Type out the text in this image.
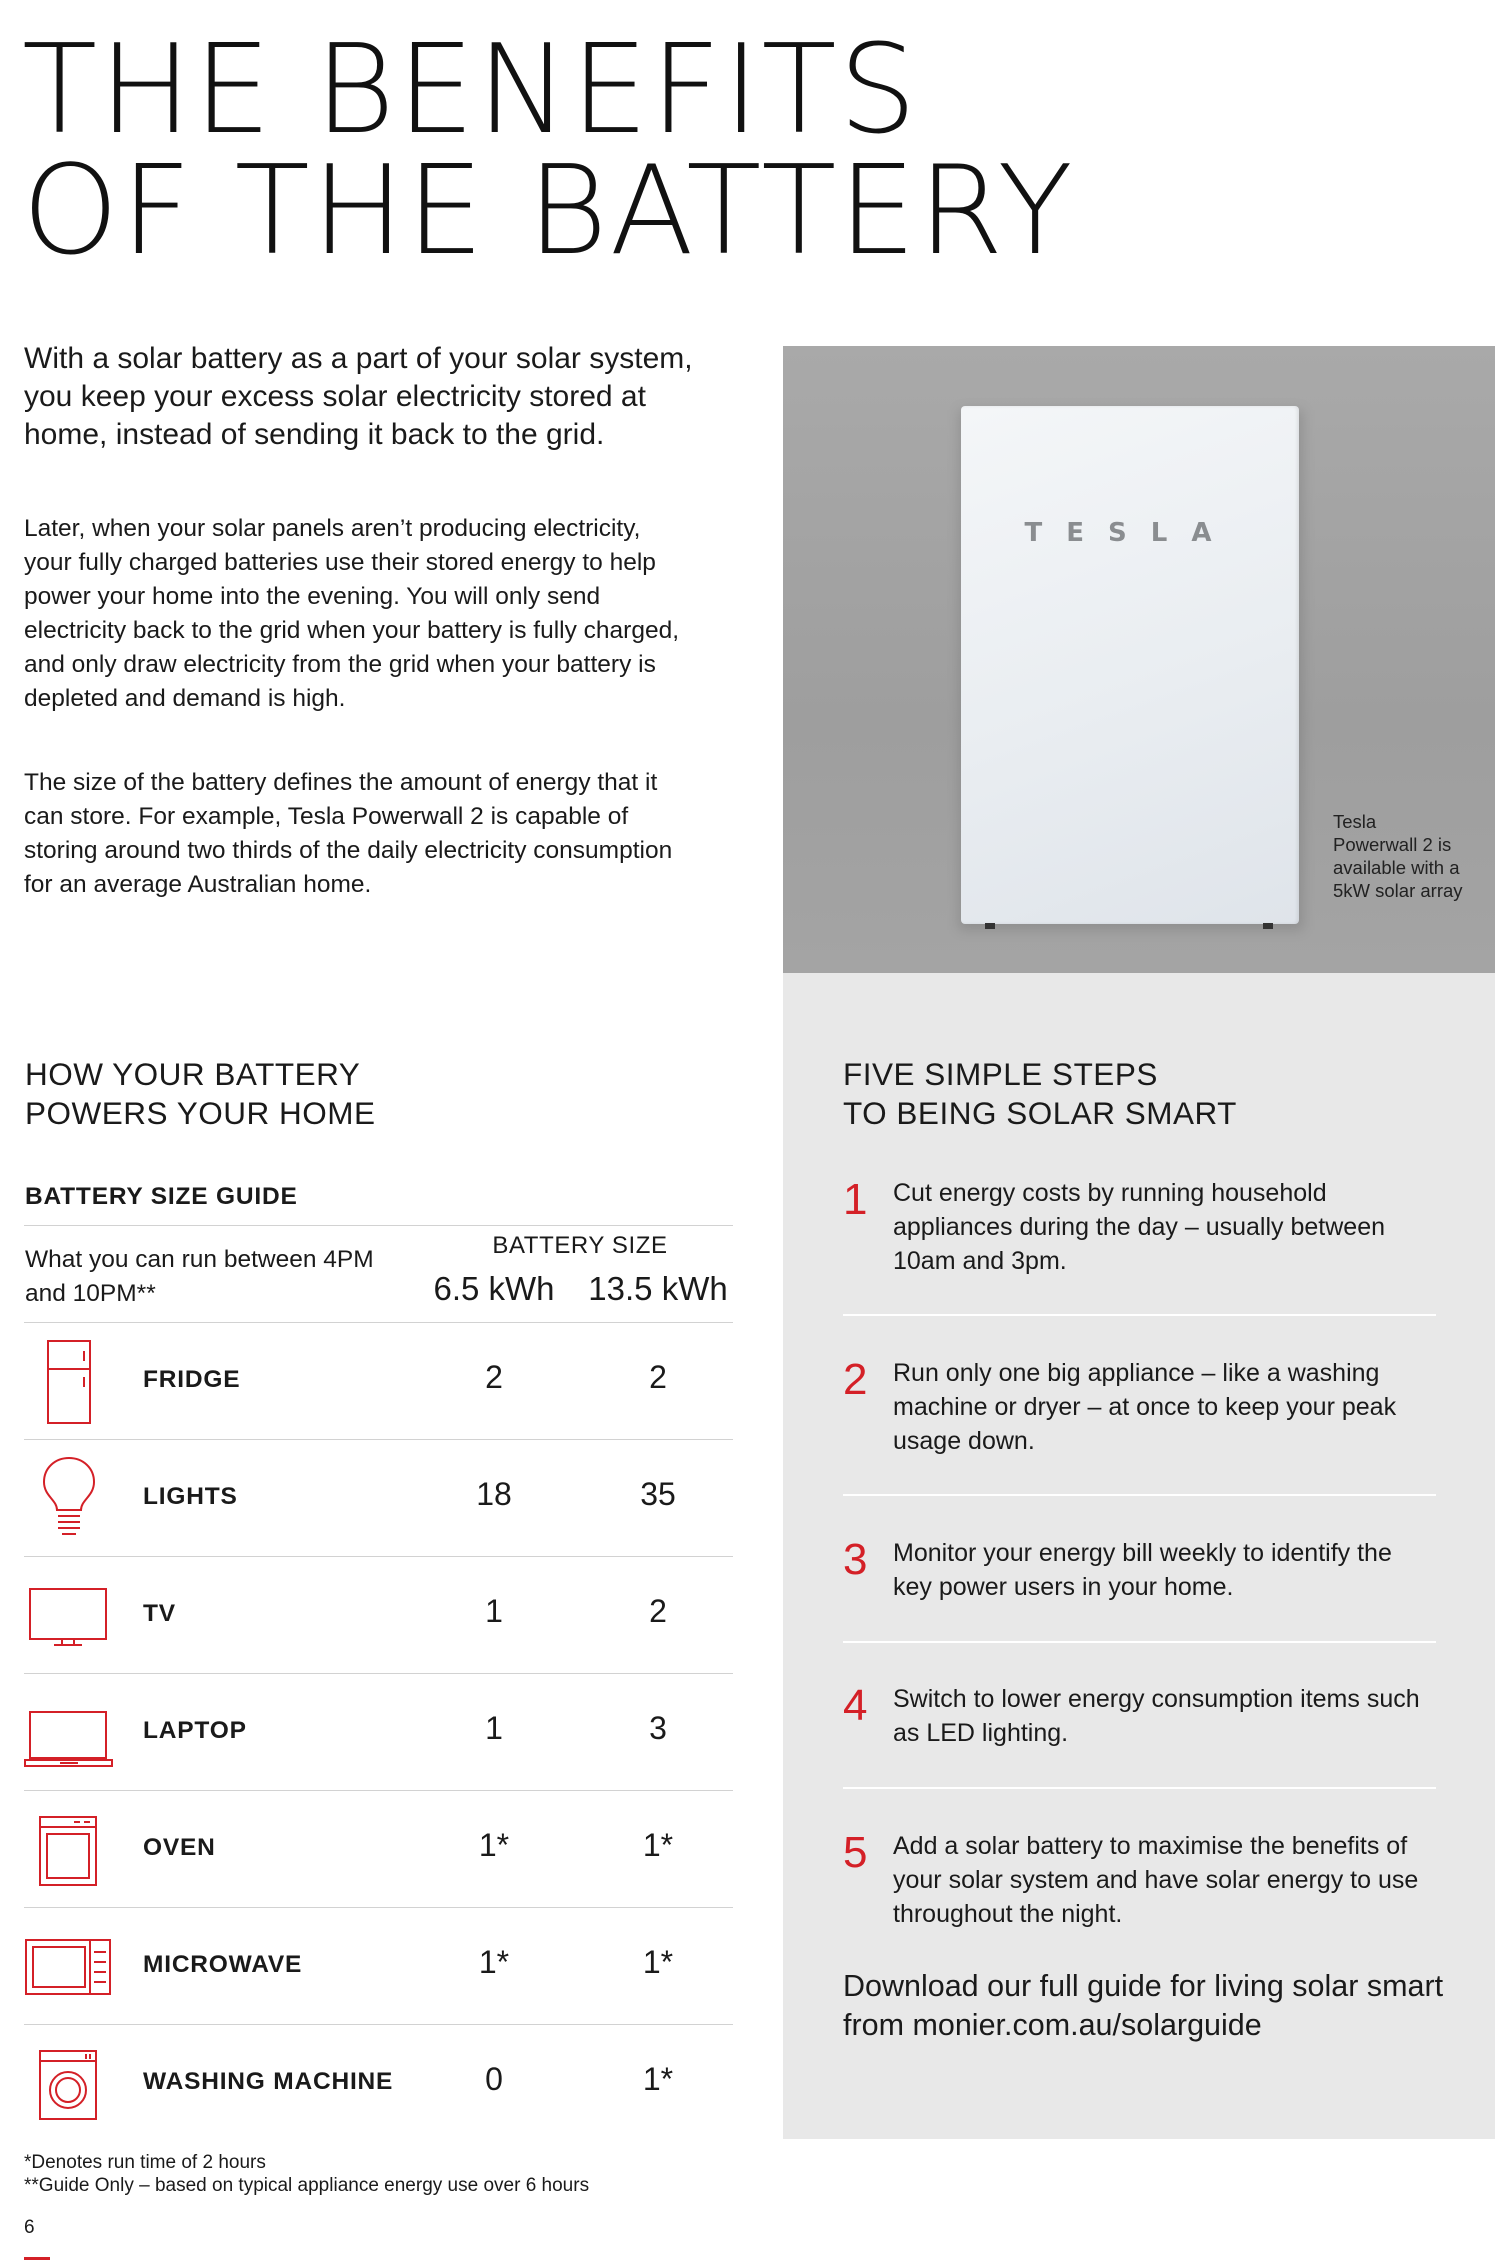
THE BENEFITS
OF THE BATTERY

With a solar battery as a part of your solar system, you keep your excess solar electricity stored at home, instead of sending it back to the grid.

Later, when your solar panels aren’t producing electricity, your fully charged batteries use their stored energy to help power your home into the evening. You will only send electricity back to the grid when your battery is fully charged, and only draw electricity from the grid when your battery is depleted and demand is high.

The size of the battery defines the amount of energy that it can store. For example, Tesla Powerwall 2 is capable of storing around two thirds of the daily electricity consumption for an average Australian home.

TESLA

Tesla Powerwall 2 is available with a 5kW solar array

HOW YOUR BATTERY
POWERS YOUR HOME
FIVE SIMPLE STEPS
TO BEING SOLAR SMART

BATTERY SIZE GUIDE

What you can run between 4PM and 10PM**

BATTERY SIZE

6.5 kWh	13.5 kWh

FRIDGE	2	2

LIGHTS	18	35

TV	1	2

LAPTOP	1	3

OVEN	1*	1*

MICROWAVE	1*	1*

WASHING MACHINE	0	1*

*Denotes run time of 2 hours

**Guide Only – based on typical appliance energy use over 6 hours

6

1 Cut energy costs by running household appliances during the day – usually between 10am and 3pm.

2 Run only one big appliance – like a washing machine or dryer – at once to keep your peak usage down.

3 Monitor your energy bill weekly to identify the key power users in your home.

4 Switch to lower energy consumption items such as LED lighting.

5 Add a solar battery to maximise the benefits of your solar system and have solar energy to use throughout the night.

Download our full guide for living solar smart from monier.com.au/solarguide
